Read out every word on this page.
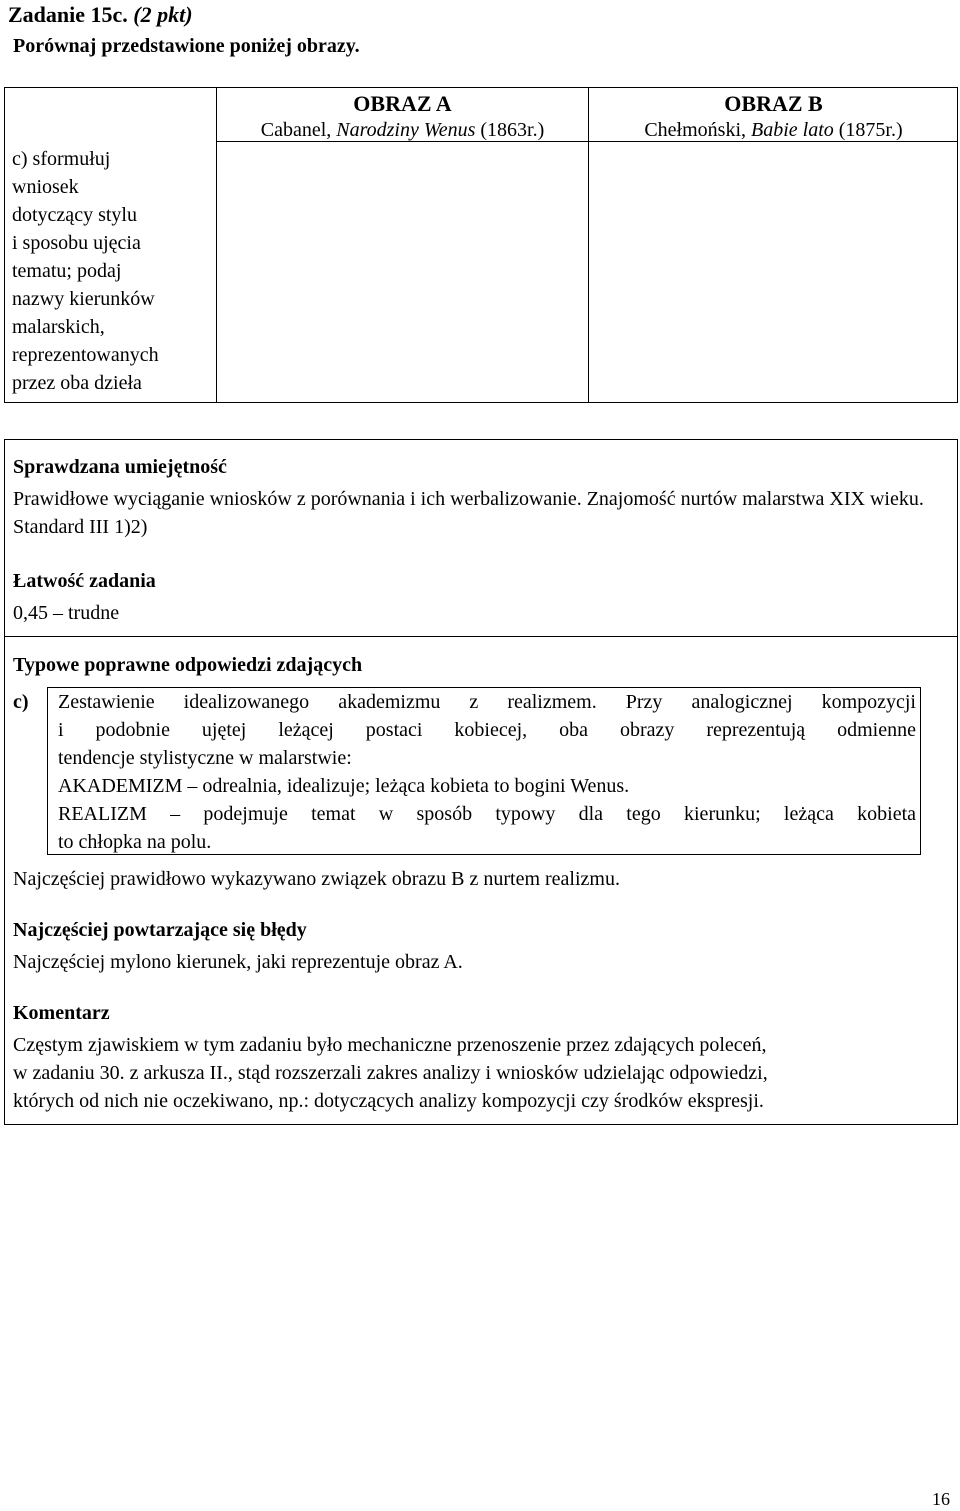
Zadanie 15c. (2 pkt)
Porównaj przedstawione poniżej obrazy.
c) sformułuj
wniosek
dotyczący stylu
i sposobu ujęcia
tematu; podaj
nazwy kierunków
malarskich,
reprezentowanych
przez oba dzieła
OBRAZ A
Cabanel, Narodziny Wenus (1863r.)
OBRAZ B
Chełmoński, Babie lato (1875r.)
Sprawdzana umiejętność
Prawidłowe wyciąganie wniosków z porównania i ich werbalizowanie. Znajomość nurtów malarstwa XIX wieku. Standard III 1)2)
Łatwość zadania
0,45 – trudne
Typowe poprawne odpowiedzi zdających
c) Zestawienie idealizowanego akademizmu z realizmem. Przy analogicznej kompozycji
i podobnie ujętej leżącej postaci kobiecej, oba obrazy reprezentują odmienne
tendencje stylistyczne w malarstwie:
AKADEMIZM – odrealnia, idealizuje; leżąca kobieta to bogini Wenus.
REALIZM – podejmuje temat w sposób typowy dla tego kierunku; leżąca kobieta
to chłopka na polu.
Najczęściej prawidłowo wykazywano związek obrazu B z nurtem realizmu.
Najczęściej powtarzające się błędy
Najczęściej mylono kierunek, jaki reprezentuje obraz A.
Komentarz
Częstym zjawiskiem w tym zadaniu było mechaniczne przenoszenie przez zdających poleceń,
w zadaniu 30. z arkusza II., stąd rozszerzali zakres analizy i wniosków udzielając odpowiedzi,
których od nich nie oczekiwano, np.: dotyczących analizy kompozycji czy środków ekspresji.
16
